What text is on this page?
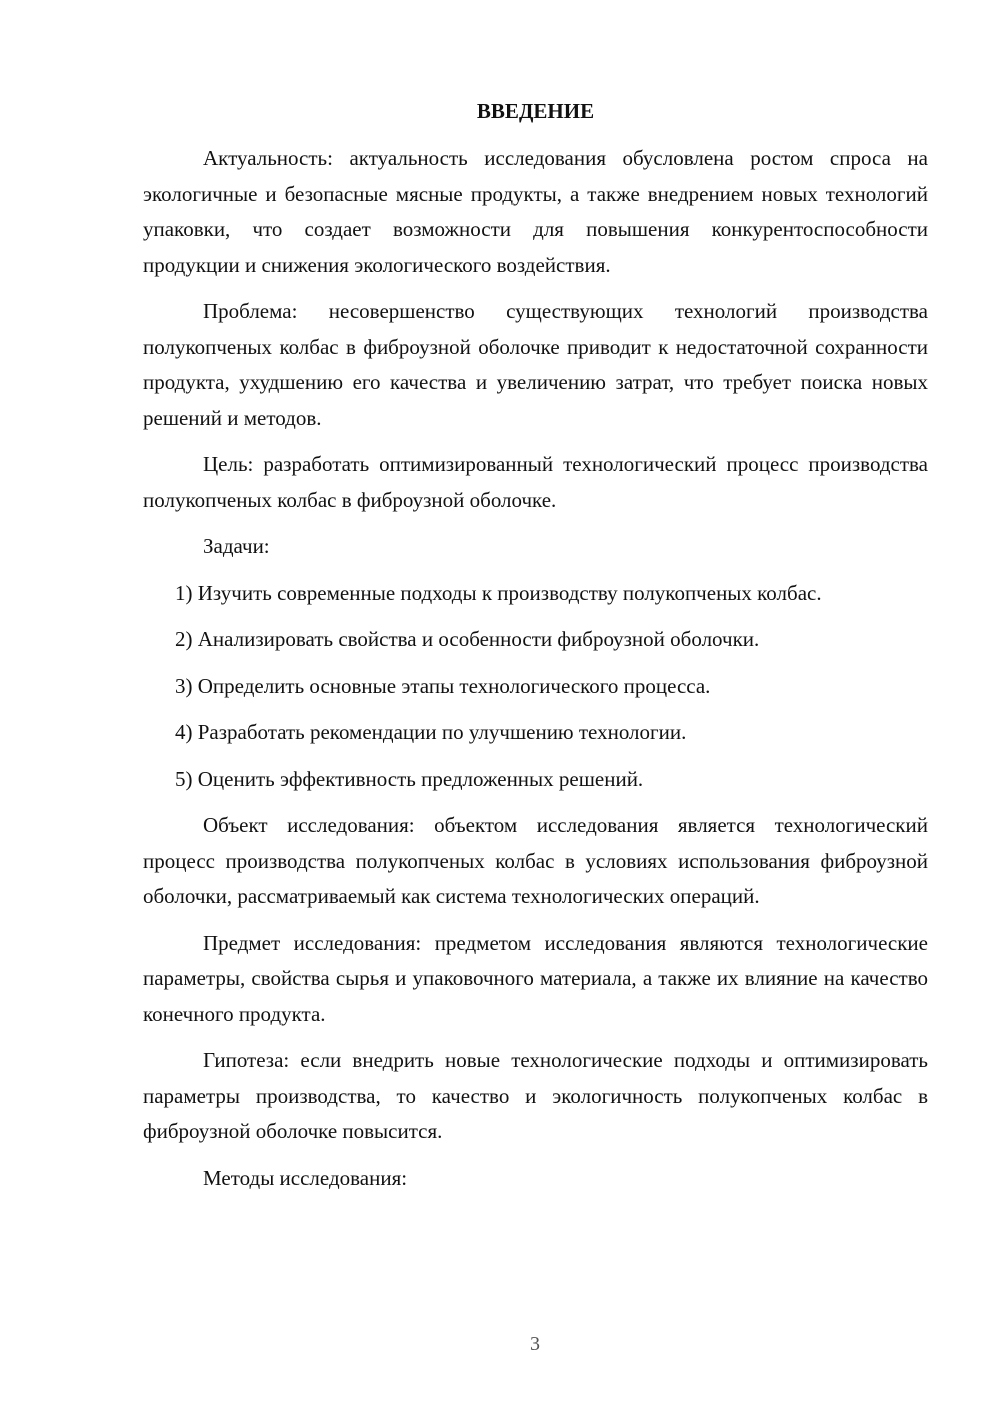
ВВЕДЕНИЕ

Актуальность: актуальность исследования обусловлена ростом спроса на экологичные и безопасные мясные продукты, а также внедрением новых технологий упаковки, что создает возможности для повышения конкурентоспособности продукции и снижения экологического воздействия.

Проблема: несовершенство существующих технологий производства полукопченых колбас в фиброузной оболочке приводит к недостаточной сохранности продукта, ухудшению его качества и увеличению затрат, что требует поиска новых решений и методов.

Цель: разработать оптимизированный технологический процесс производства полукопченых колбас в фиброузной оболочке.

Задачи:

1) Изучить современные подходы к производству полукопченых колбас.

2) Анализировать свойства и особенности фиброузной оболочки.

3) Определить основные этапы технологического процесса.

4) Разработать рекомендации по улучшению технологии.

5) Оценить эффективность предложенных решений.

Объект исследования: объектом исследования является технологический процесс производства полукопченых колбас в условиях использования фиброузной оболочки, рассматриваемый как система технологических операций.

Предмет исследования: предметом исследования являются технологические параметры, свойства сырья и упаковочного материала, а также их влияние на качество конечного продукта.

Гипотеза: если внедрить новые технологические подходы и оптимизировать параметры производства, то качество и экологичность полукопченых колбас в фиброузной оболочке повысится.

Методы исследования:

3
